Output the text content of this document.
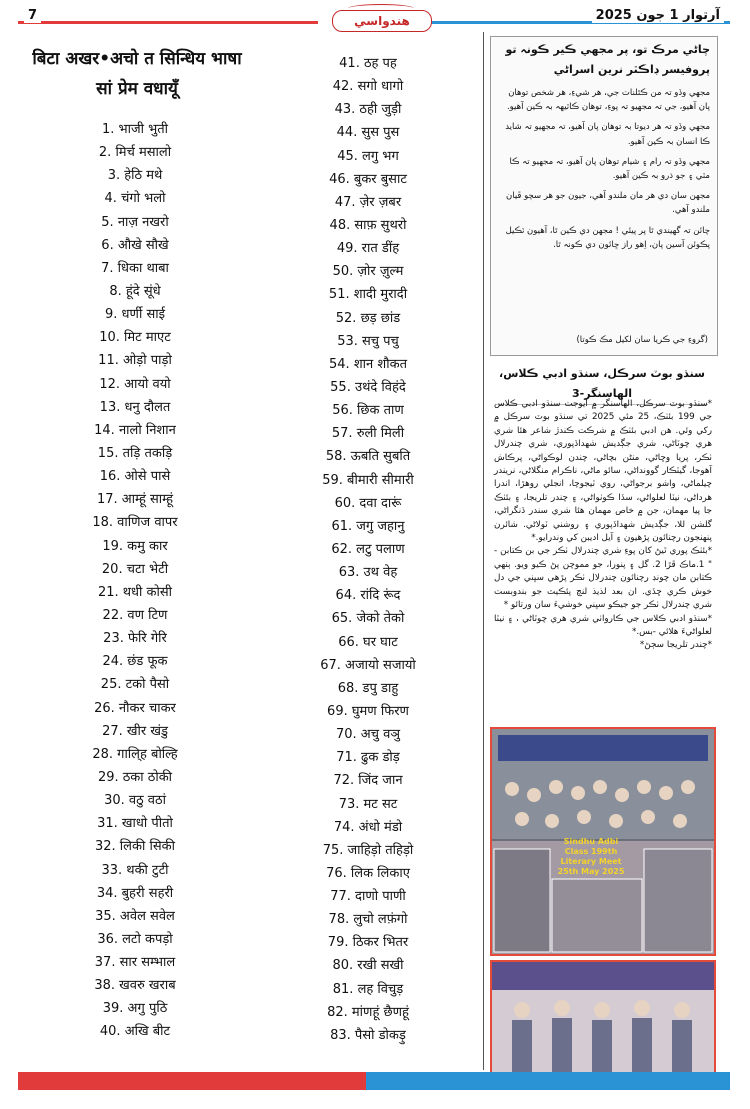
7	هندواسي	آرتوار 1 جون 2025
बिटा अखर•अचो त सिन्धिय भाषा सां प्रेम वधायूँ
1. भाजी भुती
2. मिर्च मसालो
3. हेठि मथे
4. चंगो भलो
5. नाज़ नखरो
6. औखे सौखे
7. धिका थाबा
8. हूंदे सूंधे
9. धर्णी साई
10. मिट माएट
11. ओड़ो पाड़ो
12. आयो वयो
13. धनु दौलत
14. नालो निशान
15. तड़ि तकड़ि
16. ओसे पासे
17. आम्हूं साम्हूं
18. वाणिज वापर
19. कमु कार
20. चटा भेटी
21. थधी कोसी
22. वण टिण
23. फेरि गेरि
24. छंड फूक
25. टको पैसो
26. नौकर चाकर
27. खीर खंडु
28. गालि्ह बोल्हि
29. ठका ठोकी
30. वठु वठां
31. खाधो पीतो
32. लिकी सिकी
33. थकी टुटी
34. बुहरी सहरी
35. अवेल सवेल
36. लटो कपड़ो
37. सार सम्भाल
38. खवरु खराब
39. अगु पुठि
40. अखि बीट
41. ठह पह
42. सगो धागो
43. ठही जुड़ी
44. सुस पुस
45. लगु भग
46. बुकर बुसाट
47. ज़ेर ज़बर
48. साफ़ सुथरो
49. रात डींह
50. ज़ोर ज़ुल्म
51. शादी मुरादी
52. छड़ छांड
53. सचु पचु
54. शान शौकत
55. उथंदे विहंदे
56. छिक ताण
57. रुली मिली
58. ऊबति सुबति
59. बीमारी सीमारी
60. दवा दारूं
61. जगु जहानु
62. लटु पलाण
63. उथ वेह
64. रांदि रूंद
65. जेको तेको
66. घर घाट
67. अजायो सजायो
68. डपु डाहु
69. घुमण फिरण
70. अचु वञु
71. ढुक डोड़
72. जिंद जान
73. मट सट
74. अंधो मंडो
75. जाहिड़ो तहिड़ो
76. लिक लिकाए
77. दाणो पाणी
78. लुचो लफ़ंगो
79. ठिकर भितर
80. रखी सखी
81. लह विचुड़
82. मांणहूं छैणहूं
83. पैसो डोकड़ु
چاڻي مرڪ تو، پر مجھي ڪير ڪونہ تو پروفيسر ڊاڪٽر نرين اسراڻي

مجھي وڏو تہ من ڪٿلنات جي، هر شيءِ، هر شخص توهان پان آهيو، جي تہ مجھيو تہ پوءِ، توهان ڪاٽيهہ بہ ڪين آهيو.

مجھي وڏو تہ هر ديوتا بہ توهان پان آهيو، تہ مجھيو تہ شايد ڪا انسان بہ ڪين آهيو.

مجھي وڏو تہ رام ۽ شيام توهان پان آهيو، تہ مجھيو تہ ڪا مٽي ۽ جو ذرو بہ ڪين آهيو.

مجھن سان دي هر مان ملندو آهي، جيون جو هر سچو ڦيان ملندو آهي.

چائن تہ گھيندي ٿا پر پيئي ! مجھن دي ڪين ٿا، آهيون ٽڪيل پڪوئن آسين پان، اِهو راز ڇائون دي ڪونہ ٿا.

(گروءِ جي ڪريا سان لکيل مڪ ڪوتا)
سنڌو بوٽ سرڪل، سنڌو ادبي ڪلاس، الهاسنگر-3

*سنڌو بوٽ سرڪل، الهاسنگر ۾ آيوجت سنڌو ادبي ڪلاس جي 199 بئٺڪ، 25 مئي 2025 تي سنڌو بوٽ سرڪل ۾ رکي وئي. هن ادبي بئٺڪ ۾ شرڪت ڪندڙ شاعر هئا شري هري چوٽاڻي، شري جڳديش شهداڏپوري، شري چندرلال ٺڪر، پريا وڇاڻي، منڻن بچاڻي، چندن لوڪواڻي، پرڪاش آهوجا، گيٽڪار گوونداڻي، سائو ماڻي، ناڪرام منگلاڻي، نريندر چيلماڻي، واشو برجواڻي، روي ٽيجوچا، انجلي روهڙا، اندرا هرداڻي، نيٽا لعلواڻي، سڏا ڪوٺواڻي، ۽ چندر تلريجا، ۽ بئٺڪ جا پيا مهمان، جن ۾ خاص مهمان هئا شري سندر ڏنگراڻي، گلشن للا، جڳديش شهداڏپوري ۽ روشني ٽولاڻي. شائرن پنهنجون رچنائون پڙهيون ۽ آيل اديبن کي وندرايو.*

*بئٺڪ پوري ٿيڻ کان پوءِ شري چندرلال ٺڪر جي بن ڪتابن - " 1.ماڪ ڦڙا 2. گل ۽ پنورا، جو مموچن پڻ ڪيو ويو. ٻنهي ڪتابن مان چونڊ رچنائون چندرلال ٺڪر پڙهي سڀني جي دل خوش ڪري ڇڏي. ان بعد لذيذ لنچ پئڪيٽ جو بندوبست شري چندرلال ٺڪر جو جيڪو سڀني خوشيءَ سان ورتائو *

*سنڌو ادبي ڪلاس جي ڪارواٺي شري هري چوٽاڻي ، ۽ نيٽا لعلواڻيءَ هلائي -بس.*

*چندر تلريجا سڄڻ*

Sindhu Adbi Class 199th Literary Meet 25th May 2025
